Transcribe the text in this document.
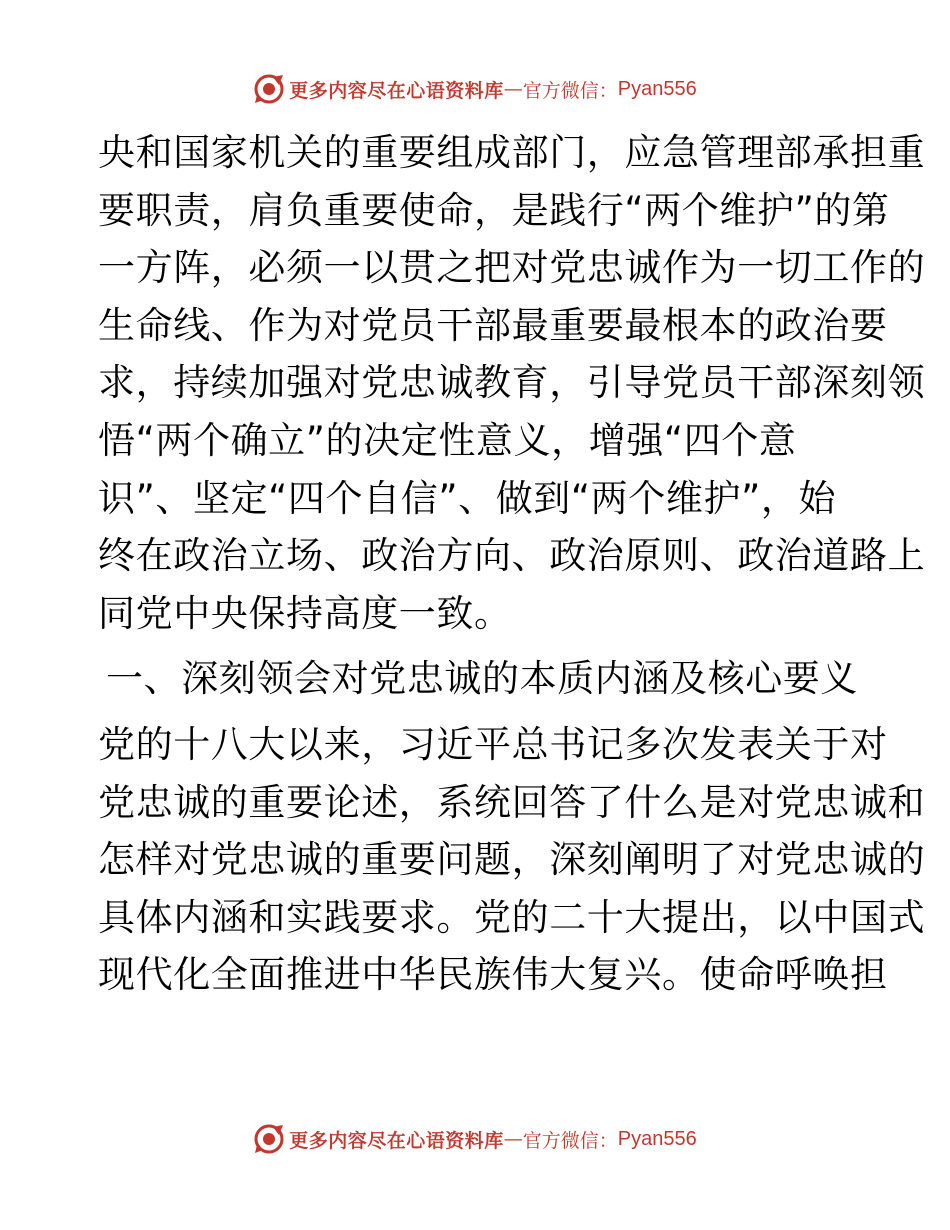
更多内容尽在心语资料库 — 官方微信： Pyan556
央和国家机关的重要组成部门，应急管理部承担重
要职责，肩负重要使命，是践行“两个维护”的第
一方阵，必须一以贯之把对党忠诚作为一切工作的
生命线、作为对党员干部最重要最根本的政治要
求，持续加强对党忠诚教育，引导党员干部深刻领
悟“两个确立”的决定性意义，增强“四个意
识”、坚定“四个自信”、做到“两个维护”，始
终在政治立场、政治方向、政治原则、政治道路上
同党中央保持高度一致。
一、深刻领会对党忠诚的本质内涵及核心要义
党的十八大以来，习近平总书记多次发表关于对
党忠诚的重要论述，系统回答了什么是对党忠诚和
怎样对党忠诚的重要问题，深刻阐明了对党忠诚的
具体内涵和实践要求。党的二十大提出，以中国式
现代化全面推进中华民族伟大复兴。使命呼唤担
更多内容尽在心语资料库 — 官方微信： Pyan556
